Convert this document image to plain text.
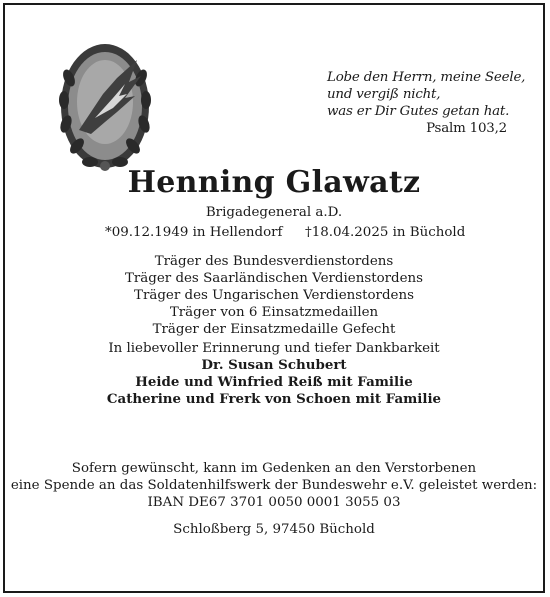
Lobe den Herrn, meine Seele,
und vergiß nicht,
was er Dir Gutes getan hat.
Psalm 103,2
Henning Glawatz
Brigadegeneral a.D.
*09.12.1949 in Hellendorf †18.04.2025 in Büchold
Träger des Bundesverdienstordens
Träger des Saarländischen Verdienstordens
Träger des Ungarischen Verdienstordens
Träger von 6 Einsatzmedaillen
Träger der Einsatzmedaille Gefecht
In liebevoller Erinnerung und tiefer Dankbarkeit
Dr. Susan Schubert
Heide und Winfried Reiß mit Familie
Catherine und Frerk von Schoen mit Familie
Sofern gewünscht, kann im Gedenken an den Verstorbenen
eine Spende an das Soldatenhilfswerk der Bundeswehr e.V. geleistet werden:
IBAN DE67 3701 0050 0001 3055 03
Schloßberg 5, 97450 Büchold
